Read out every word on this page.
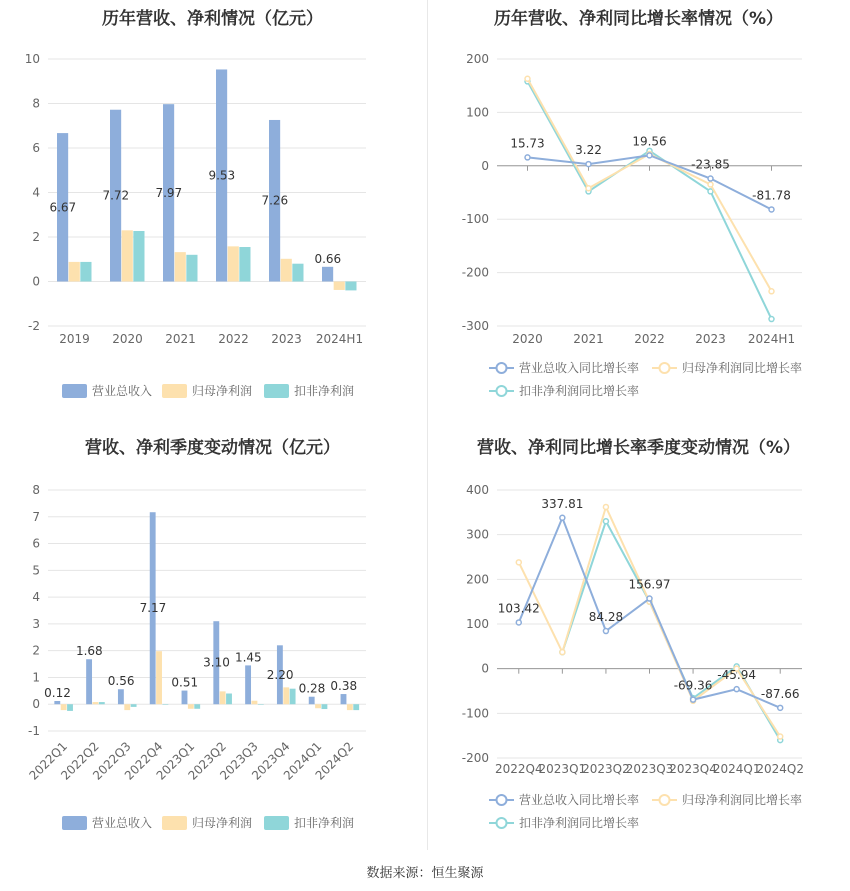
历年营收、净利情况（亿元）
-2
0
2
4
6
8
10
2019 2020 2021 2022 2023 2024H1
6.67
7.72 7.97
9.53
7.26
0.66
营业总收入	归母净利润	扣非净利润
历年营收、净利同比增长率情况（%）
-300
-200
-100
0
100
200
2020	2021	2022	2023 2024H1
15.73	3.22
19.56
-23.85
-81.78
营业总收入同比增长率	归母净利润同比增长率
扣非净利润同比增长率
营收、净利季度变动情况（亿元）
-1
0
1
2
3
4
5
6
7
8
2022Q1
2022Q2
2022Q3
2022Q4
2023Q1
2023Q2
2023Q3
2023Q4
2024Q1
2024Q2
0.12
1.68
0.56
7.17
0.51
3.10 1.45
2.20
0.28 0.38
营业总收入	归母净利润	扣非净利润
营收、净利同比增长率季度变动情况（%）
-200
-100
0
100
200
300
400
2022Q4
2023Q1
2023Q2
2023Q3
2023Q4
2024Q1
2024Q2
103.42
337.81
84.28
156.97
-69.36
-45.94
-87.66
营业总收入同比增长率	归母净利润同比增长率
扣非净利润同比增长率
数据来源：恒生聚源
